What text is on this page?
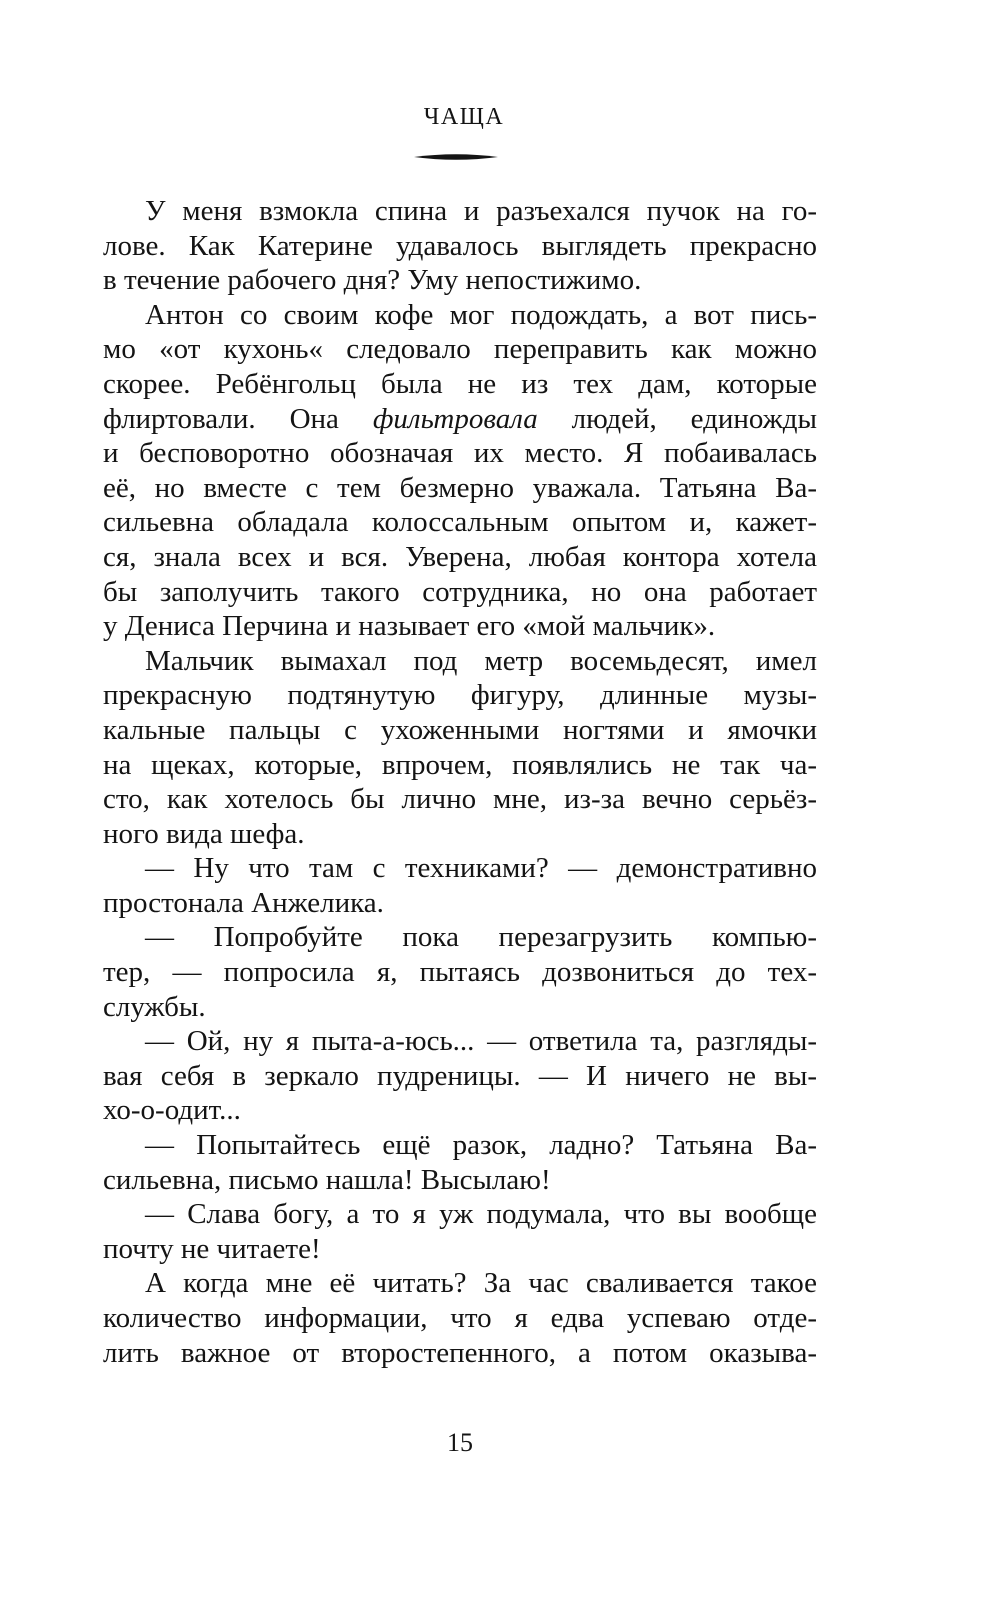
ЧАЩА
У меня взмокла спина и разъехался пучок на го-
лове. Как Катерине удавалось выглядеть прекрасно
в течение рабочего дня? Уму непостижимо.
Антон со своим кофе мог подождать, а вот пись-
мо «от кухонь« следовало переправить как можно
скорее. Ребёнгольц была не из тех дам, которые
флиртовали. Она фильтровала людей, единожды
и бесповоротно обозначая их место. Я побаивалась
её, но вместе с тем безмерно уважала. Татьяна Ва-
сильевна обладала колоссальным опытом и, кажет-
ся, знала всех и вся. Уверена, любая контора хотела
бы заполучить такого сотрудника, но она работает
у Дениса Перчина и называет его «мой мальчик».
Мальчик вымахал под метр восемьдесят, имел
прекрасную подтянутую фигуру, длинные музы-
кальные пальцы с ухоженными ногтями и ямочки
на щеках, которые, впрочем, появлялись не так ча-
сто, как хотелось бы лично мне, из-за вечно серьёз-
ного вида шефа.
— Ну что там с техниками? — демонстративно
простонала Анжелика.
— Попробуйте пока перезагрузить компью-
тер, — попросила я, пытаясь дозвониться до тех-
службы.
— Ой, ну я пыта-а-юсь... — ответила та, разгляды-
вая себя в зеркало пудреницы. — И ничего не вы-
хо-о-одит...
— Попытайтесь ещё разок, ладно? Татьяна Ва-
сильевна, письмо нашла! Высылаю!
— Слава богу, а то я уж подумала, что вы вообще
почту не читаете!
А когда мне её читать? За час сваливается такое
количество информации, что я едва успеваю отде-
лить важное от второстепенного, а потом оказыва-
15
